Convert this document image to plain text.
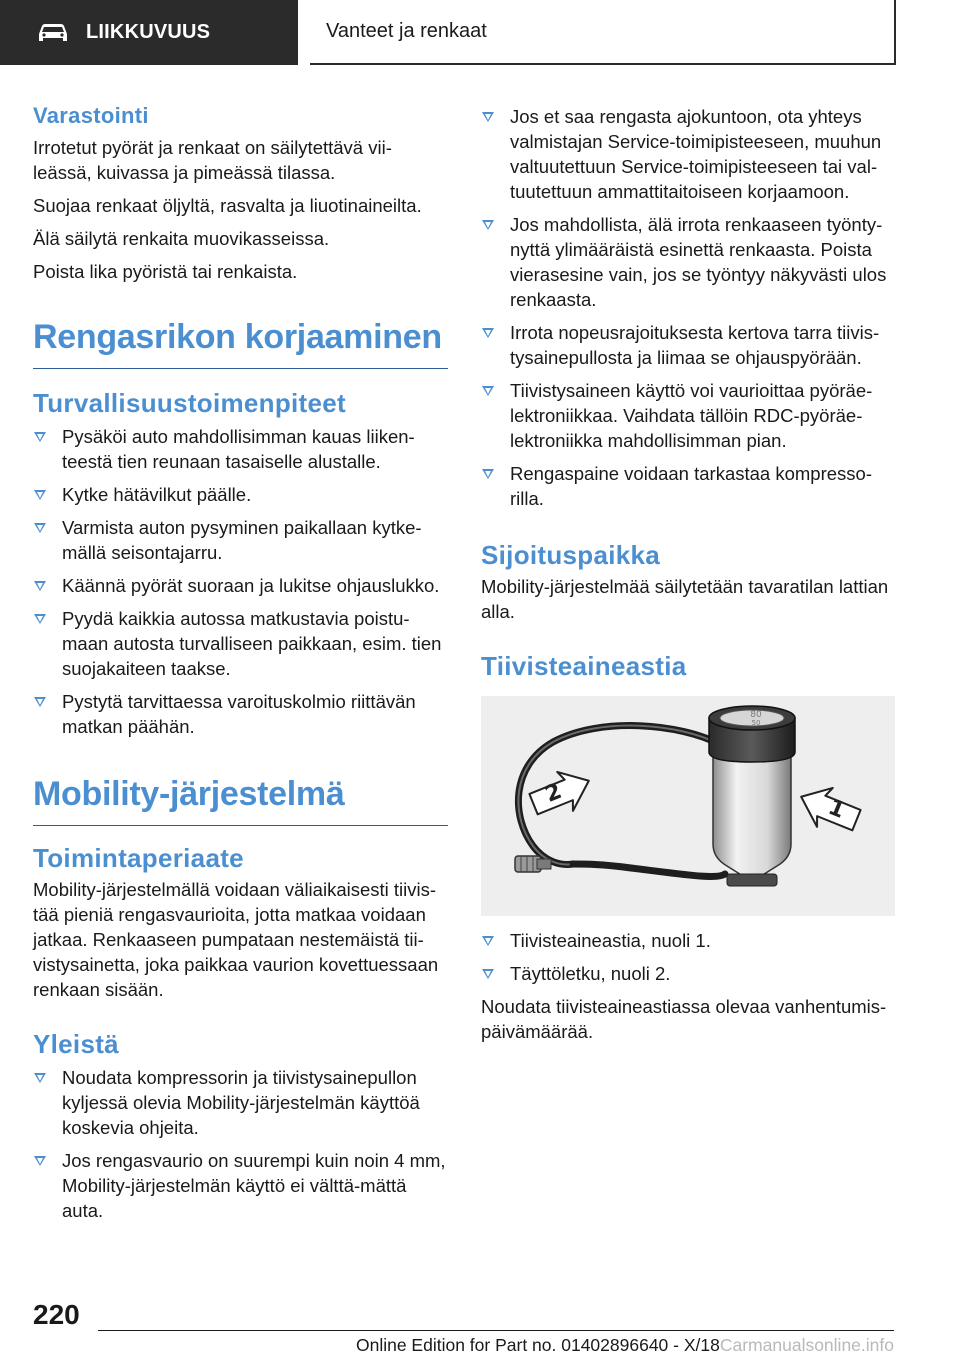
LIIKKUVUUS	Vanteet ja renkaat
Varastointi

Irrotetut pyörät ja renkaat on säilytettävä vii-leässä, kuivassa ja pimeässä tilassa.

Suojaa renkaat öljyltä, rasvalta ja liuotinaineilta.

Älä säilytä renkaita muovikasseissa.

Poista lika pyöristä tai renkaista.

Rengasrikon korjaaminen
Turvallisuustoimenpiteet
Pysäköi auto mahdollisimman kauas liiken-teestä tien reunaan tasaiselle alustalle.
Kytke hätävilkut päälle.
Varmista auton pysyminen paikallaan kytke-mällä seisontajarru.
Käännä pyörät suoraan ja lukitse ohjauslukko.
Pyydä kaikkia autossa matkustavia poistu-maan autosta turvalliseen paikkaan, esim. tien suojakaiteen taakse.
Pystytä tarvittaessa varoituskolmio riittävän matkan päähän.
Mobility-järjestelmä
Toimintaperiaate

Mobility-järjestelmällä voidaan väliaikaisesti tiivis-tää pieniä rengasvaurioita, jotta matkaa voidaan jatkaa. Renkaaseen pumpataan nestemäistä tii-vistysainetta, joka paikkaa vaurion kovettuessaan renkaan sisään.

Yleistä
Noudata kompressorin ja tiivistysainepullon kyljessä olevia Mobility-järjestelmän käyttöä koskevia ohjeita.
Jos rengasvaurio on suurempi kuin noin 4 mm, Mobility-järjestelmän käyttö ei välttä-mättä auta.
Jos et saa rengasta ajokuntoon, ota yhteys valmistajan Service-toimipisteeseen, muuhun valtuutettuun Service-toimipisteeseen tai val-tuutettuun ammattitaitoiseen korjaamoon.
Jos mahdollista, älä irrota renkaaseen työnty-nyttä ylimääräistä esinettä renkaasta. Poista vierasesine vain, jos se työntyy näkyvästi ulos renkaasta.
Irrota nopeusrajoituksesta kertova tarra tiivis-tysainepullosta ja liimaa se ohjauspyörään.
Tiivistysaineen käyttö voi vaurioittaa pyöräe-lektroniikkaa. Vaihdata tällöin RDC-pyöräe-lektroniikka mahdollisimman pian.
Rengaspaine voidaan tarkastaa kompresso-rilla.
Sijoituspaikka

Mobility-järjestelmää säilytetään tavaratilan lattian alla.

Tiivisteaineastia
80
50
1
2
Tiivisteaineastia, nuoli 1.
Täyttöletku, nuoli 2.

Noudata tiivisteaineastiassa olevaa vanhentumis-päivämäärää.

220
Online Edition for Part no. 01402896640 - X/18Carmanualsonline.info
